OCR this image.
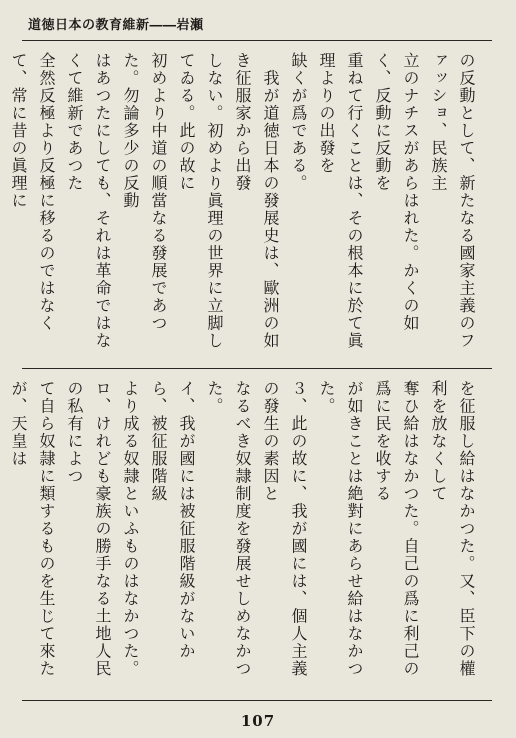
道徳日本の教育維新――岩瀬

の反動として、新たなる國家主義のファッショ、民族主

立のナチスがあらはれた。かくの如く、反動に反動を

重ねて行くことは、その根本に於て眞理よりの出發を

缺くが爲である。

　我が道徳日本の發展史は、歐洲の如き征服家から出發

しない。初めより眞理の世界に立脚してゐる。此の故に

初めより中道の順當なる發展であつた。勿論多少の反動

はあつたにしても、それは革命ではなくて維新であつた

全然反極より反極に移るのではなくて、常に昔の眞理に

を征服し給はなかつた。又、臣下の權利を放なくして

奪ひ給はなかつた。自己の爲に利己の爲に民を收する

が如きことは絶對にあらせ給はなかつた。

３、此の故に、我が國には、個人主義の發生の素因と

なるべき奴隷制度を發展せしめなかつた。

イ、我が國には被征服階級がないから、被征服階級

より成る奴隷といふものはなかつた。

ロ、けれども豪族の勝手なる土地人民の私有によつ

て自ら奴隷に類するものを生じて來たが、天皇は

107
